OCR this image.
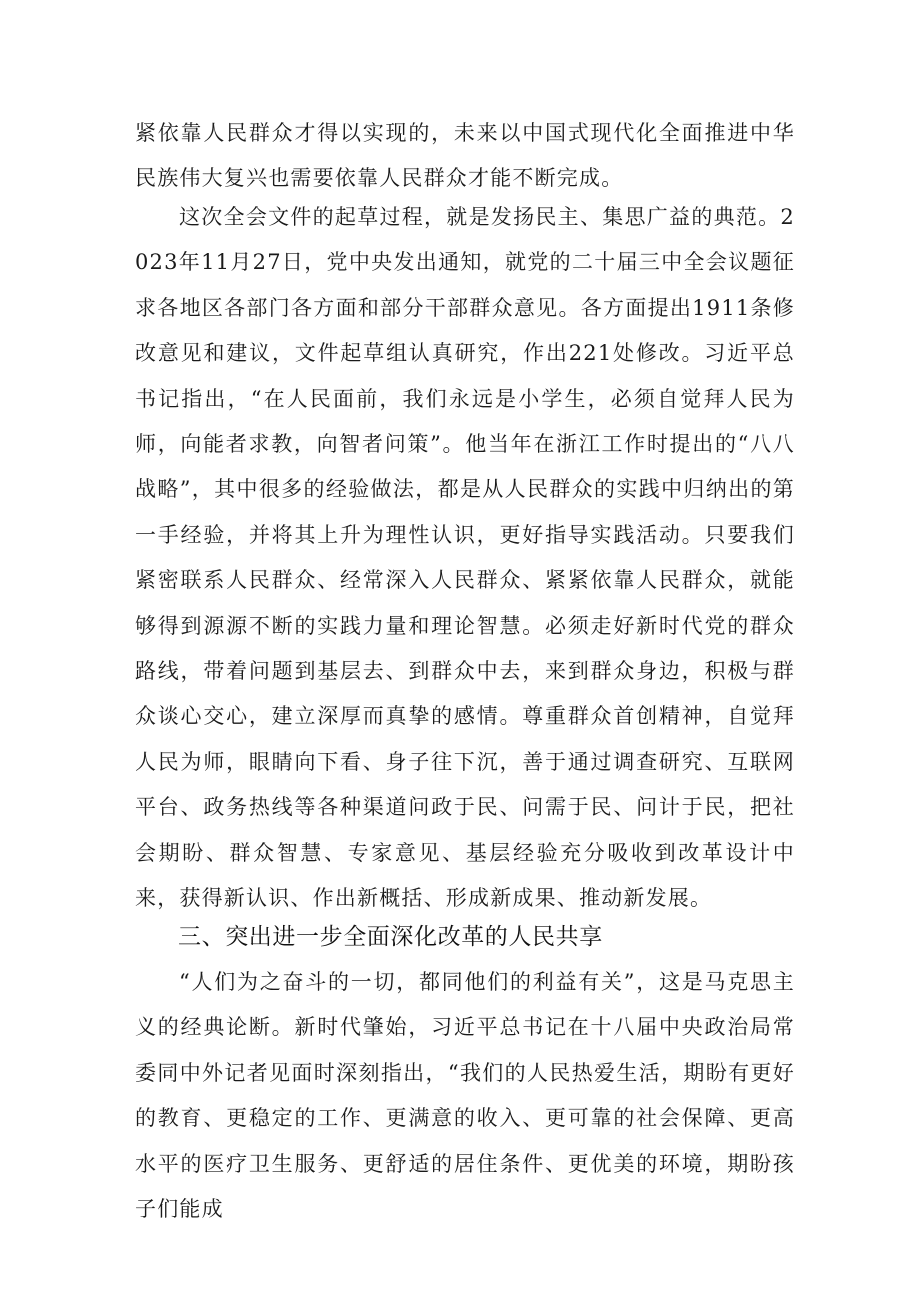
紧依靠人民群众才得以实现的，未来以中国式现代化全面推进中华民族伟大复兴也需要依靠人民群众才能不断完成。

这次全会文件的起草过程，就是发扬民主、集思广益的典范。2023年11月27日，党中央发出通知，就党的二十届三中全会议题征求各地区各部门各方面和部分干部群众意见。各方面提出1911条修改意见和建议，文件起草组认真研究，作出221处修改。习近平总书记指出，“在人民面前，我们永远是小学生，必须自觉拜人民为师，向能者求教，向智者问策”。他当年在浙江工作时提出的“八八战略”，其中很多的经验做法，都是从人民群众的实践中归纳出的第一手经验，并将其上升为理性认识，更好指导实践活动。只要我们紧密联系人民群众、经常深入人民群众、紧紧依靠人民群众，就能够得到源源不断的实践力量和理论智慧。必须走好新时代党的群众路线，带着问题到基层去、到群众中去，来到群众身边，积极与群众谈心交心，建立深厚而真挚的感情。尊重群众首创精神，自觉拜人民为师，眼睛向下看、身子往下沉，善于通过调查研究、互联网平台、政务热线等各种渠道问政于民、问需于民、问计于民，把社会期盼、群众智慧、专家意见、基层经验充分吸收到改革设计中来，获得新认识、作出新概括、形成新成果、推动新发展。

三、突出进一步全面深化改革的人民共享

“人们为之奋斗的一切，都同他们的利益有关”，这是马克思主义的经典论断。新时代肇始，习近平总书记在十八届中央政治局常委同中外记者见面时深刻指出，“我们的人民热爱生活，期盼有更好的教育、更稳定的工作、更满意的收入、更可靠的社会保障、更高水平的医疗卫生服务、更舒适的居住条件、更优美的环境，期盼孩子们能成
